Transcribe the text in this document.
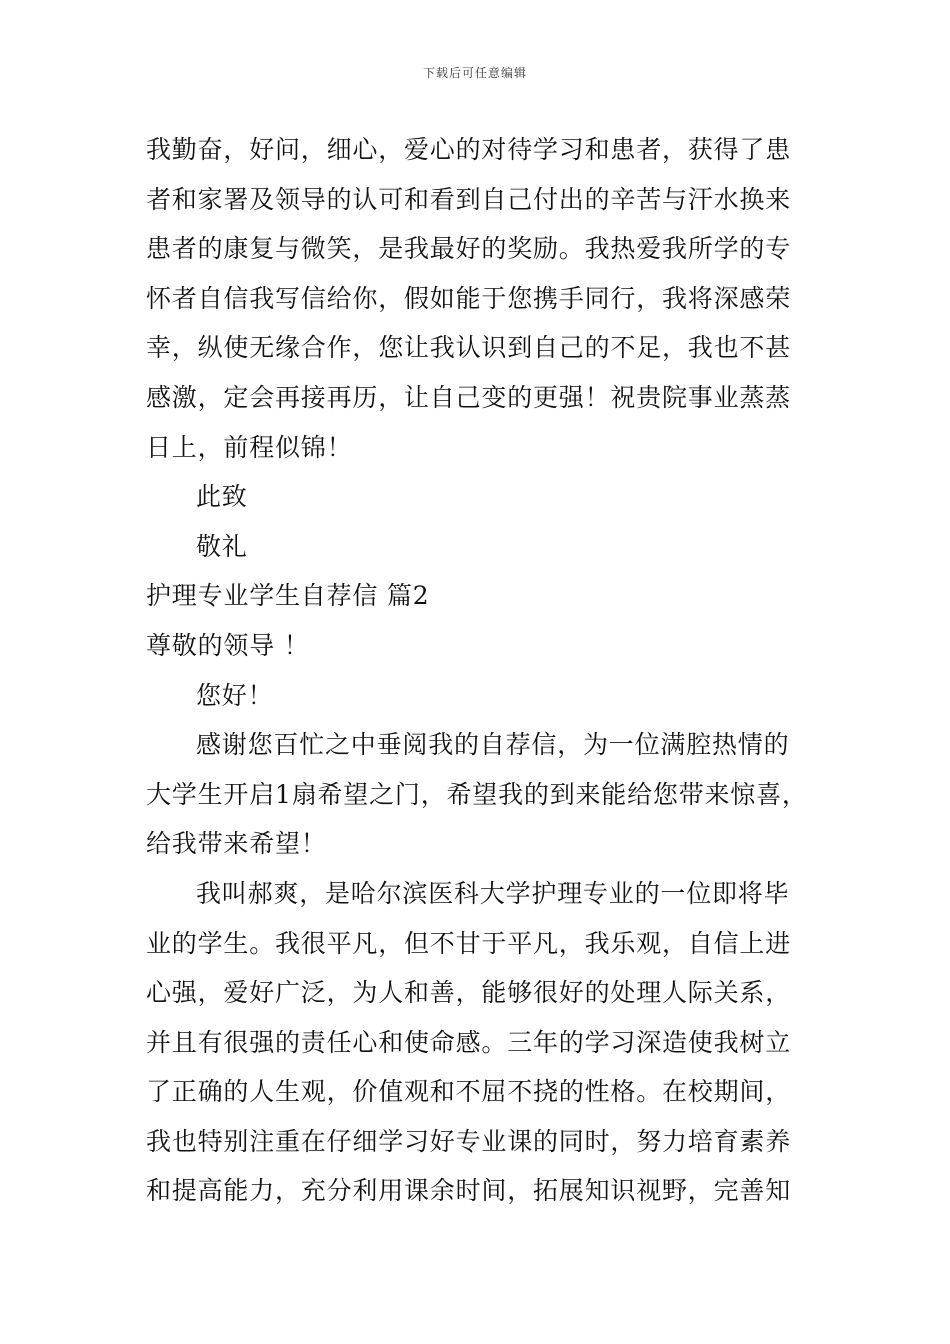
下载后可任意编辑
我勤奋，好问，细心，爱心的对待学习和患者，获得了患
者和家署及领导的认可和看到自己付出的辛苦与汗水换来
患者的康复与微笑，是我最好的奖励。我热爱我所学的专
怀者自信我写信给你，假如能于您携手同行，我将深感荣
幸，纵使无缘合作，您让我认识到自己的不足，我也不甚
感激，定会再接再历，让自己变的更强！祝贵院事业蒸蒸
日上，前程似锦！
此致
敬礼
护理专业学生自荐信 篇2
尊敬的领导 ！
您好！
感谢您百忙之中垂阅我的自荐信，为一位满腔热情的
大学生开启1扇希望之门，希望我的到来能给您带来惊喜，
给我带来希望！
我叫郝爽，是哈尔滨医科大学护理专业的一位即将毕
业的学生。我很平凡，但不甘于平凡，我乐观，自信上进
心强，爱好广泛，为人和善，能够很好的处理人际关系，
并且有很强的责任心和使命感。三年的学习深造使我树立
了正确的人生观，价值观和不屈不挠的性格。在校期间，
我也特别注重在仔细学习好专业课的同时，努力培育素养
和提高能力，充分利用课余时间，拓展知识视野，完善知
